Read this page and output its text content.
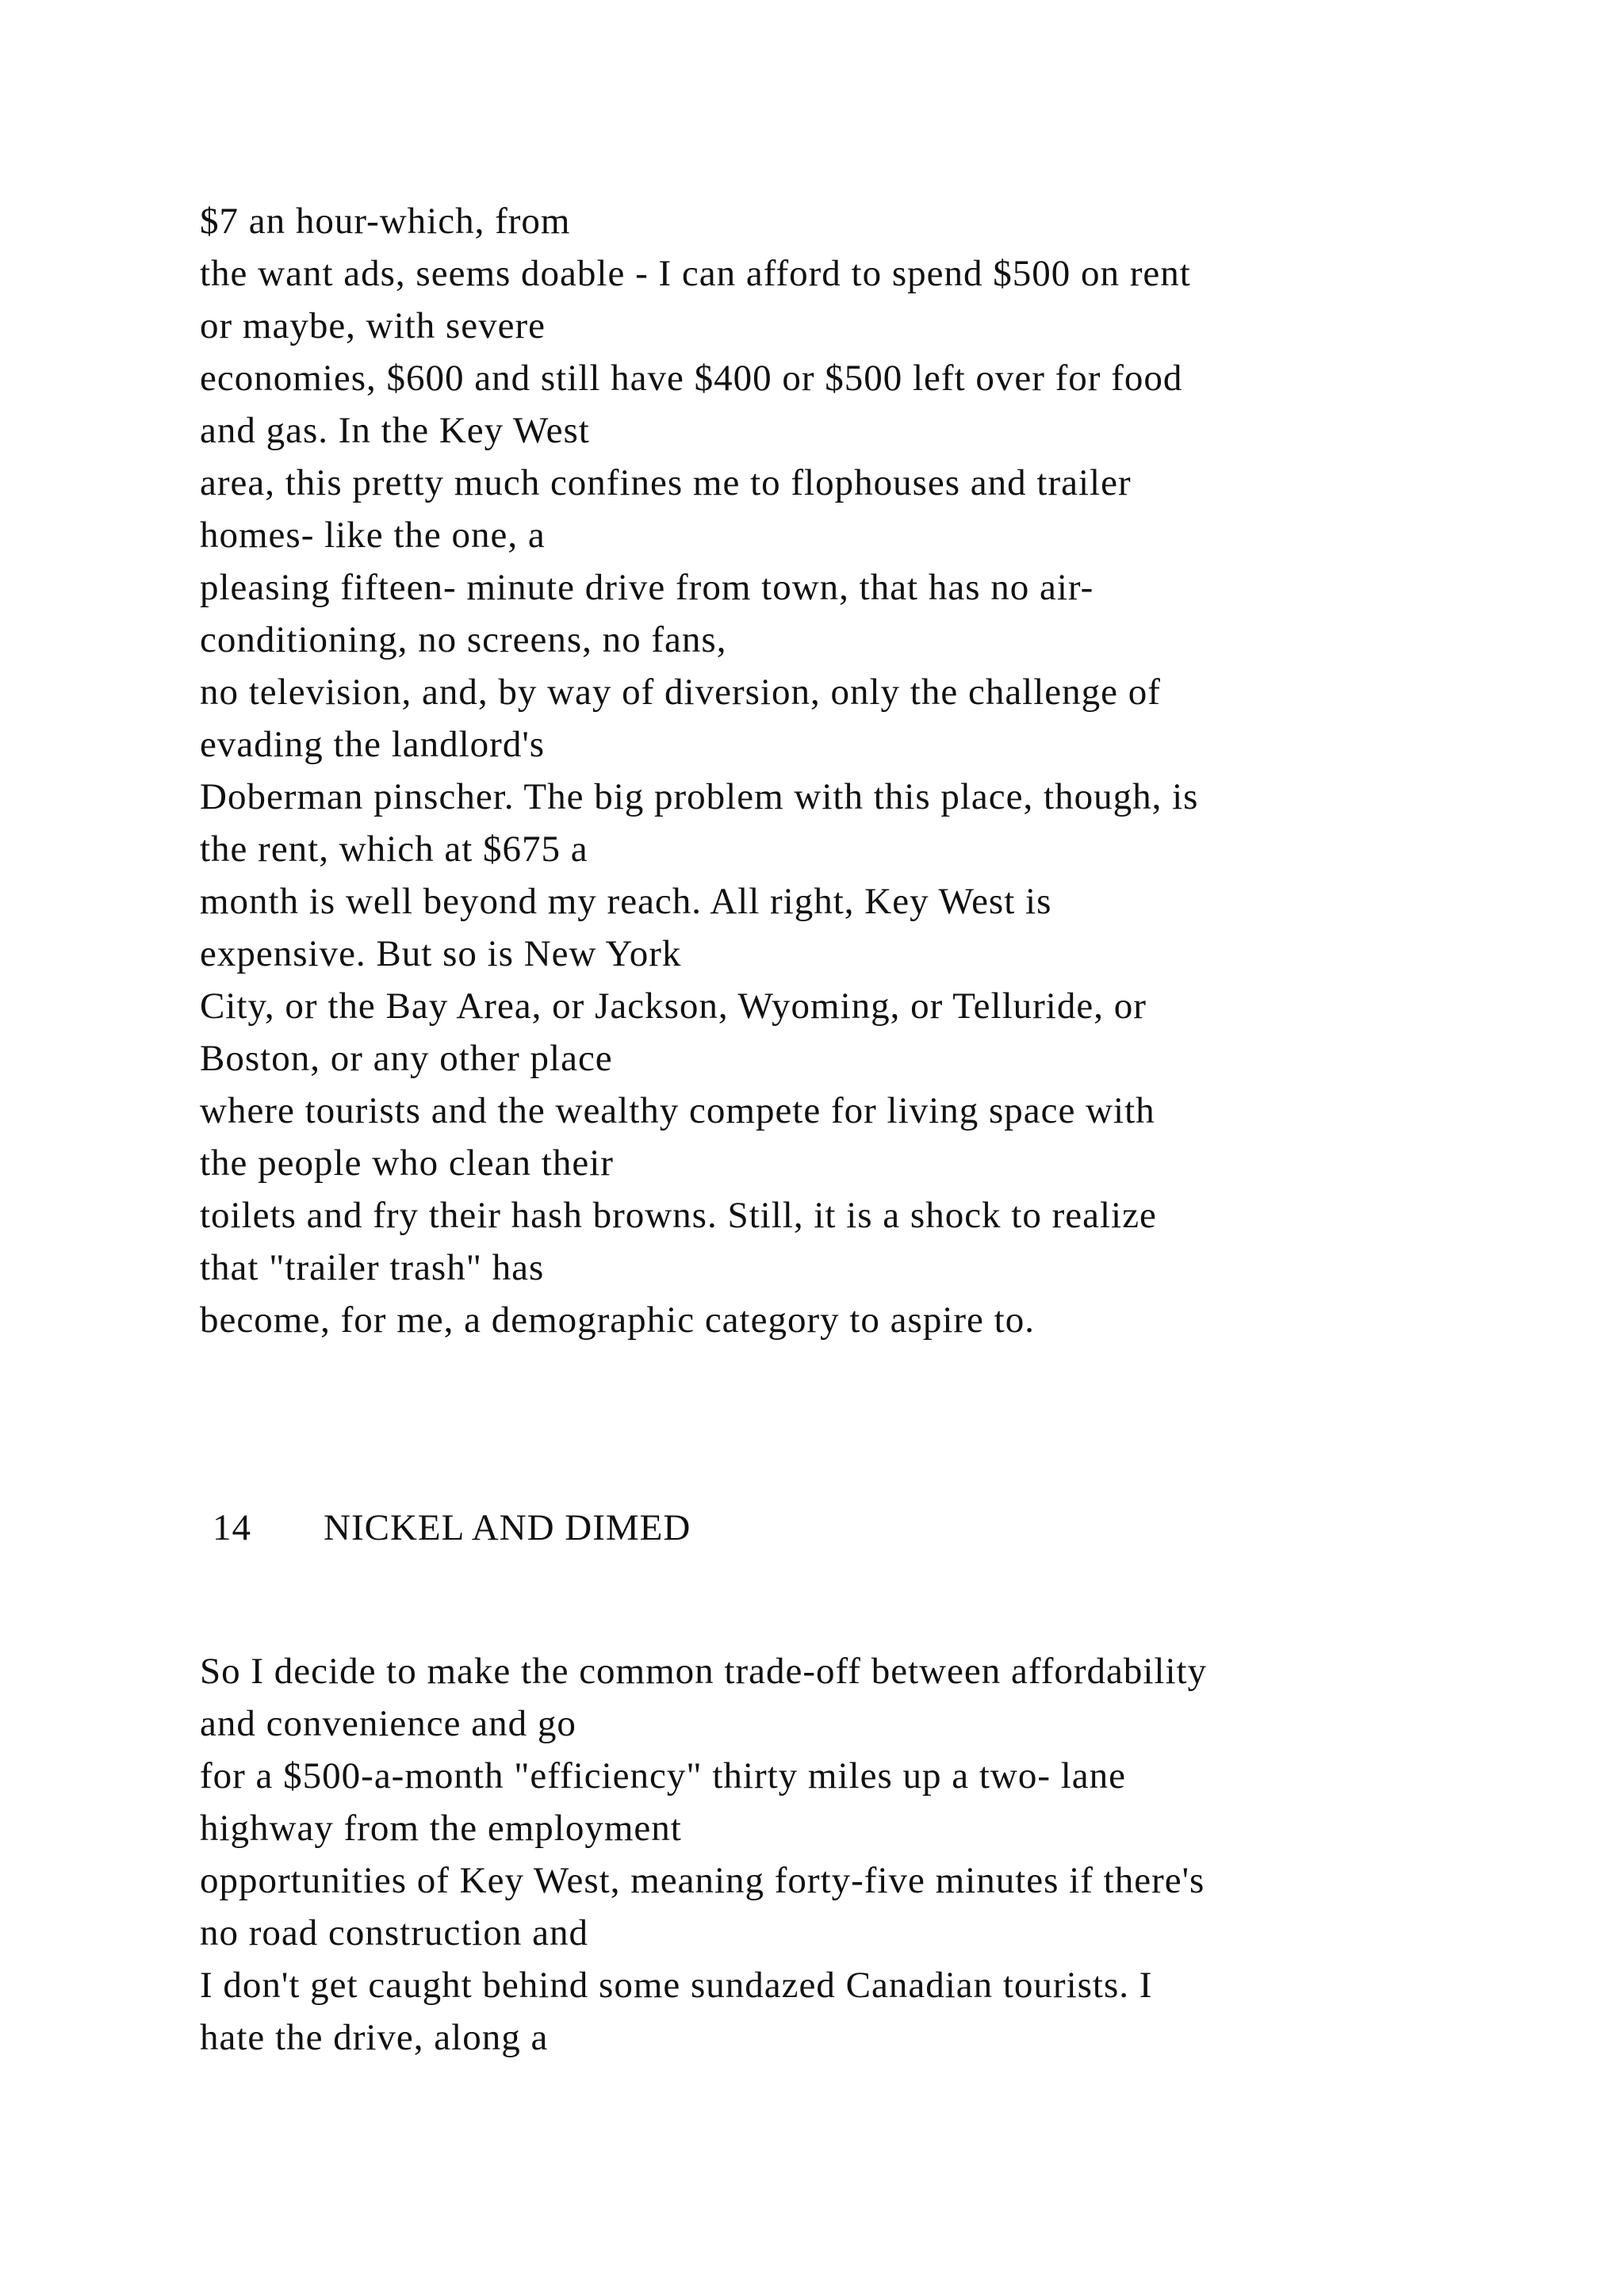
$7 an hour-which, from
the want ads, seems doable - I can afford to spend $500 on rent
or maybe, with severe
economies, $600 and still have $400 or $500 left over for food
and gas. In the Key West
area, this pretty much confines me to flophouses and trailer
homes- like the one, a
pleasing fifteen- minute drive from town, that has no air-
conditioning, no screens, no fans,
no television, and, by way of diversion, only the challenge of
evading the landlord's
Doberman pinscher. The big problem with this place, though, is
the rent, which at $675 a
month is well beyond my reach. All right, Key West is
expensive. But so is New York
City, or the Bay Area, or Jackson, Wyoming, or Telluride, or
Boston, or any other place
where tourists and the wealthy compete for living space with
the people who clean their
toilets and fry their hash browns. Still, it is a shock to realize
that "trailer trash" has
become, for me, a demographic category to aspire to.
14 NICKEL AND DIMED
So I decide to make the common trade-off between affordability
and convenience and go
for a $500-a-month "efficiency" thirty miles up a two- lane
highway from the employment
opportunities of Key West, meaning forty-five minutes if there's
no road construction and
I don't get caught behind some sundazed Canadian tourists. I
hate the drive, along a
